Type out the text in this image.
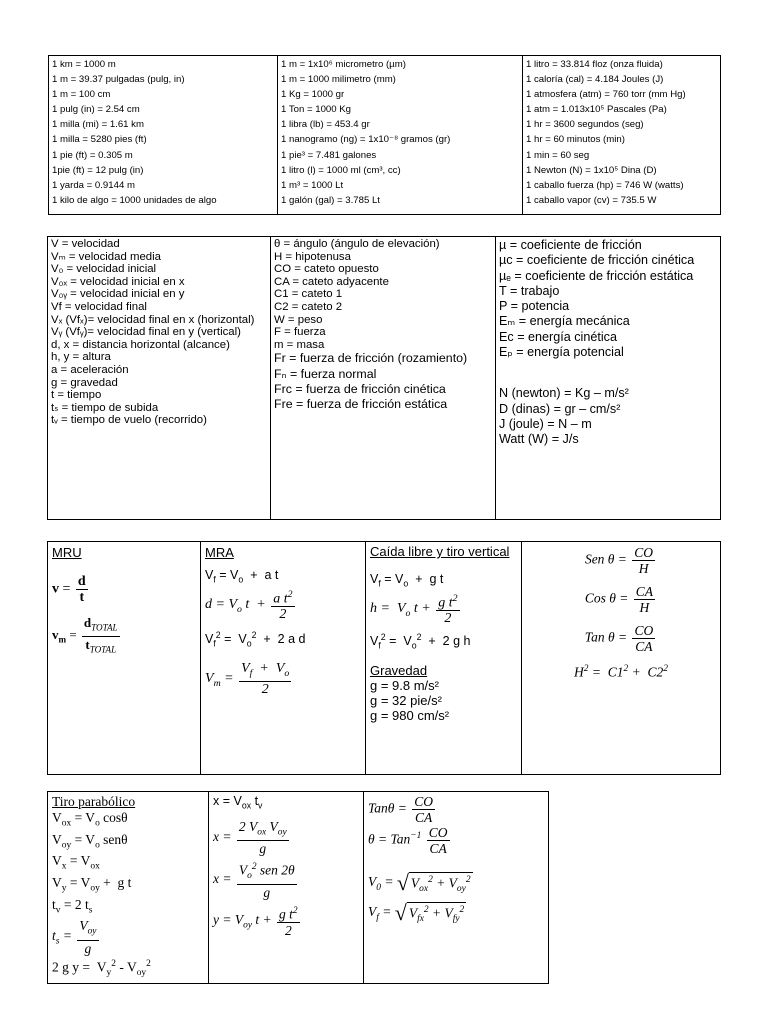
1 km = 1000 m
1 m = 39.37 pulgadas (pulg, in)
1 m = 100 cm
1 pulg (in) = 2.54 cm
1 milla (mi) = 1.61 km
1 milla = 5280 pies (ft)
1 pie (ft) = 0.305 m
1pie (ft) = 12 pulg (in)
1 yarda = 0.9144 m
1 kilo de algo = 1000 unidades de algo

1 m = 1x10⁶ micrometro (µm)
1 m = 1000 milimetro (mm)
1 Kg = 1000 gr
1 Ton = 1000 Kg
1 libra (lb) = 453.4 gr
1 nanogramo (ng) = 1x10⁻⁸ gramos (gr)
1 pie³ = 7.481 galones
1 litro (l) = 1000 ml (cm³, cc)
1 m³ = 1000 Lt
1 galón (gal) = 3.785 Lt

1 litro = 33.814 floz (onza fluida)
1 caloría (cal) = 4.184 Joules (J)
1 atmosfera (atm) = 760 torr (mm Hg)
1 atm = 1.013x10⁵ Pascales (Pa)
1 hr = 3600 segundos (seg)
1 hr = 60 minutos (min)
1 min = 60 seg
1 Newton (N) = 1x10⁵ Dina (D)
1 caballo fuerza (hp) = 746 W (watts)
1 caballo vapor (cv) = 735.5 W
V = velocidad
Vₘ = velocidad media
V₀ = velocidad inicial
V₀ₓ = velocidad inicial en x
V₀ᵧ = velocidad inicial en y
Vf = velocidad final
Vₓ (Vfₓ)= velocidad final en x (horizontal)
Vᵧ (Vfᵧ)= velocidad final en y (vertical)
d, x = distancia horizontal (alcance)
h, y = altura
a = aceleración
g = gravedad
t = tiempo
tₛ = tiempo de subida
tᵥ = tiempo de vuelo (recorrido)

θ = ángulo (ángulo de elevación)
H = hipotenusa
CO = cateto opuesto
CA = cateto adyacente
C1 = cateto 1
C2 = cateto 2
W = peso
F = fuerza
m = masa
Fr = fuerza de fricción (rozamiento)
Fₙ = fuerza normal
Frc = fuerza de fricción cinética
Fre = fuerza de fricción estática

µ = coeficiente de fricción
µc = coeficiente de fricción cinética
µₑ = coeficiente de fricción estática
T = trabajo
P = potencia
Eₘ = energía mecánica
Ec = energía cinética
Eₚ = energía potencial
N (newton) = Kg – m/s²
D (dinas) = gr – cm/s²
J (joule) = N – m
Watt (W) = J/s
MRU
$v = \frac{d}{t}$
$v_m = \frac{d_{TOTAL}}{t_{TOTAL}}$

MRA
$V_f = V_o + a$ t
$d = V_o$ $t + \frac{a t^2}{2}$
$V_f^2 = V_o^2 + 2$ a d
$V_m = \frac{V_f + V_o}{2}$

Caída libre y tiro vertical
$V_f = V_o + g$ t
$h = V_o$ $t + \frac{g t^2}{2}$
$V_f^2 = V_o^2 + 2$ g h
Gravedad
g = 9.8 m/s²
g = 32 pie/s²
g = 980 cm/s²

Sen $\theta = \frac{CO}{H}$
Cos $\theta = \frac{CA}{H}$
Tan $\theta = \frac{CO}{CA}$
$H^2 = C1^2 + C2^2$
Tiro parabólico
$V_{ox} = V_o$ cosθ
$V_{oy} = V_o$ senθ
$V_x = V_{ox}$
$V_y = V_{oy} + g$ t
$t_v = 2$ $t_s$
$t_s = \frac{V_{oy}}{g}$
2 g $y = V_y^2 - V_{oy}^2$

$x = V_{ox}$ $t_v$
$x = \frac{2 V_{ox} V_{oy}}{g}$
$x = \frac{V_o^2 sen 2\theta}{g}$
$y = V_{oy}$ $t + \frac{g t^2}{2}$

$Tan\theta = \frac{CO}{CA}$
$\theta = Tan^{-1} \frac{CO}{CA}$
$V_0$ = √ $V_{ox}^2 + V_{oy}^2$
$V_f$ = √ $V_{fx}^2 + V_{fy}^2$
